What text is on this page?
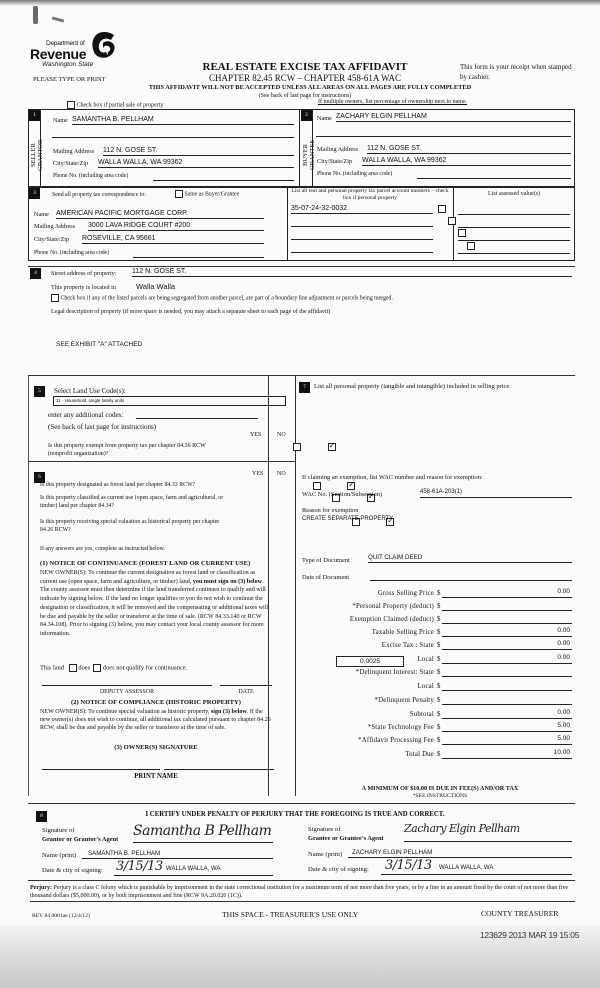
Department of
Revenue
Washington State	REAL ESTATE EXCISE TAX AFFIDAVIT
CHAPTER 82.45 RCW – CHAPTER 458-61A WAC
PLEASE TYPE OR PRINT
This form is your receipt when stamped by cashier.
THIS AFFIDAVIT WILL NOT BE ACCEPTED UNLESS ALL AREAS ON ALL PAGES ARE FULLY COMPLETED
(See back of last page for instructions)
Check box if partial sale of property
If multiple owners, list percentage of ownership next to name.
1
SELLER GRANTOR
Name SAMANTHA B. PELLHAM
Mailing Address 112 N. GOSE ST.
City/State/Zip WALLA WALLA, WA 99362
Phone No. (including area code)
2
BUYER GRANTEE
Name ZACHARY ELGIN PELLHAM
Mailing Address 112 N. GOSE ST.
City/State/Zip WALLA WALLA, WA 99362
Phone No. (including area code)
3	Send all property tax correspondence to:	Same as Buyer/Grantee
Name AMERICAN PACIFIC MORTGAGE CORP.
Mailing Address 3000 LAVA RIDGE COURT #200
City/State/Zip ROSEVILLE, CA 95661
Phone No. (including area code)
List all real and personal property tax parcel account numbers – check box if personal property
List assessed value(s)
35-07-24-32-0032

4	Street address of property: 112 N. GOSE ST.
This property is located in	Walla Walla
Check box if any of the listed parcels are being segregated from another parcel, are part of a boundary line adjustment or parcels being merged.
Legal description of property (if more space is needed, you may attach a separate sheet to each page of the affidavit)
SEE EXHIBIT "A" ATTACHED
5	Select Land Use Code(s):
11 - Household, single family units
enter any additional codes:
(See back of last page for instructions)
YES	NO
Is this property exempt from property tax per chapter 84.36 RCW (nonprofit organization)?
✓
6
YES NO
Is this property designated as forest land per chapter 84.33 RCW?
✓
Is this property classified as current use (open space, farm and agricultural, or timber) land per chapter 84.34?
✓
Is this property receiving special valuation as historical property per chapter 84.26 RCW?
✓
If any answers are yes, complete as instructed below.
(1) NOTICE OF CONTINUANCE (FOREST LAND OR CURRENT USE)
NEW OWNER(S): To continue the current designation as forest land or classification as current use (open space, farm and agriculture, or timber) land, you must sign on (3) below. The county assessor must then determine if the land transferred continues to qualify and will indicate by signing below. If the land no longer qualifies or you do not wish to continue the designation or classification, it will be removed and the compensating or additional taxes will be due and payable by the seller or transferor at the time of sale. (RCW 84.33.140 or RCW 84.34.108). Prior to signing (3) below, you may contact your local county assessor for more information.
This land does does not qualify for continuance.
DEPUTY ASSESSOR	DATE
(2) NOTICE OF COMPLIANCE (HISTORIC PROPERTY)
NEW OWNER(S): To continue special valuation as historic property, sign (3) below. If the new owner(s) does not wish to continue, all additional tax calculated pursuant to chapter 84.26 RCW, shall be due and payable by the seller or transferor at the time of sale.
(3) OWNER(S) SIGNATURE
PRINT NAME
7	List all personal property (tangible and intangible) included in selling price.
If claiming an exemption, list WAC number and reason for exemption:
WAC No. (Section/Subsection)	458-61A-203(1)
Reason for exemption
CREATE SEPARATE PROPERTY
Type of Document	QUIT CLAIM DEED
Date of Document
0.0025
Gross Selling Price $	0.00
*Personal Property (deduct) $
Exemption Claimed (deduct) $
Taxable Selling Price $	0.00
Excise Tax : State $	0.00
Local $	0.00
*Delinquent Interest: State $
Local $
*Delinquent Penalty $
Subtotal $	0.00
*State Technology Fee $	5.00
*Affidavit Processing Fee $	5.00
Total Due $	10.00
A MINIMUM OF $10.00 IS DUE IN FEE(S) AND/OR TAX
*SEE INSTRUCTIONS
8	I CERTIFY UNDER PENALTY OF PERJURY THAT THE FOREGOING IS TRUE AND CORRECT.
Signature of
Grantor or Grantor's Agent
Samantha B Pellham	Signature of
Grantee or Grantee's Agent
Zachary Elgin Pellham
Name (print)	SAMANTHA B. PELLHAM	Name (print)	ZACHARY ELGIN PELLHAM
Date & city of signing: 3/15/13 WALLA WALLA, WA	Date & city of signing: 3/15/13 WALLA WALLA, WA
Perjury: Perjury is a class C felony which is punishable by imprisonment in the state correctional institution for a maximum term of not more than five years, or by a fine in an amount fixed by the court of not more than five thousand dollars ($5,000.00), or by both imprisonment and fine (RCW 9A.20.020 (1C)).
REV 84 0001ae (12/4/12)	THIS SPACE - TREASURER'S USE ONLY	COUNTY TREASURER
123629 2013 MAR 19 15:05
